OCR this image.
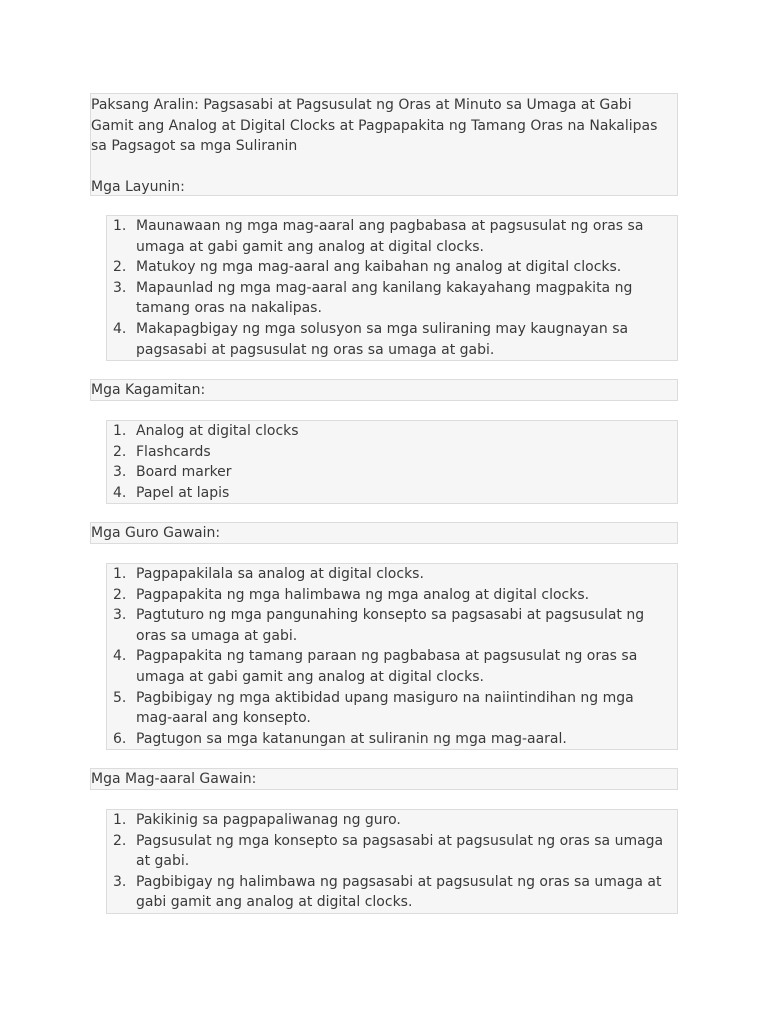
Paksang Aralin: Pagsasabi at Pagsusulat ng Oras at Minuto sa Umaga at Gabi Gamit ang Analog at Digital Clocks at Pagpapakita ng Tamang Oras na Nakalipas sa Pagsagot sa mga Suliranin

Mga Layunin:

1. Maunawaan ng mga mag-aaral ang pagbabasa at pagsusulat ng oras sa umaga at gabi gamit ang analog at digital clocks.
2. Matukoy ng mga mag-aaral ang kaibahan ng analog at digital clocks.
3. Mapaunlad ng mga mag-aaral ang kanilang kakayahang magpakita ng tamang oras na nakalipas.
4. Makapagbigay ng mga solusyon sa mga suliraning may kaugnayan sa pagsasabi at pagsusulat ng oras sa umaga at gabi.

Mga Kagamitan:

1. Analog at digital clocks
2. Flashcards
3. Board marker
4. Papel at lapis

Mga Guro Gawain:

1. Pagpapakilala sa analog at digital clocks.
2. Pagpapakita ng mga halimbawa ng mga analog at digital clocks.
3. Pagtuturo ng mga pangunahing konsepto sa pagsasabi at pagsusulat ng oras sa umaga at gabi.
4. Pagpapakita ng tamang paraan ng pagbabasa at pagsusulat ng oras sa umaga at gabi gamit ang analog at digital clocks.
5. Pagbibigay ng mga aktibidad upang masiguro na naiintindihan ng mga mag-aaral ang konsepto.
6. Pagtugon sa mga katanungan at suliranin ng mga mag-aaral.

Mga Mag-aaral Gawain:

1. Pakikinig sa pagpapaliwanag ng guro.
2. Pagsusulat ng mga konsepto sa pagsasabi at pagsusulat ng oras sa umaga at gabi.
3. Pagbibigay ng halimbawa ng pagsasabi at pagsusulat ng oras sa umaga at gabi gamit ang analog at digital clocks.
